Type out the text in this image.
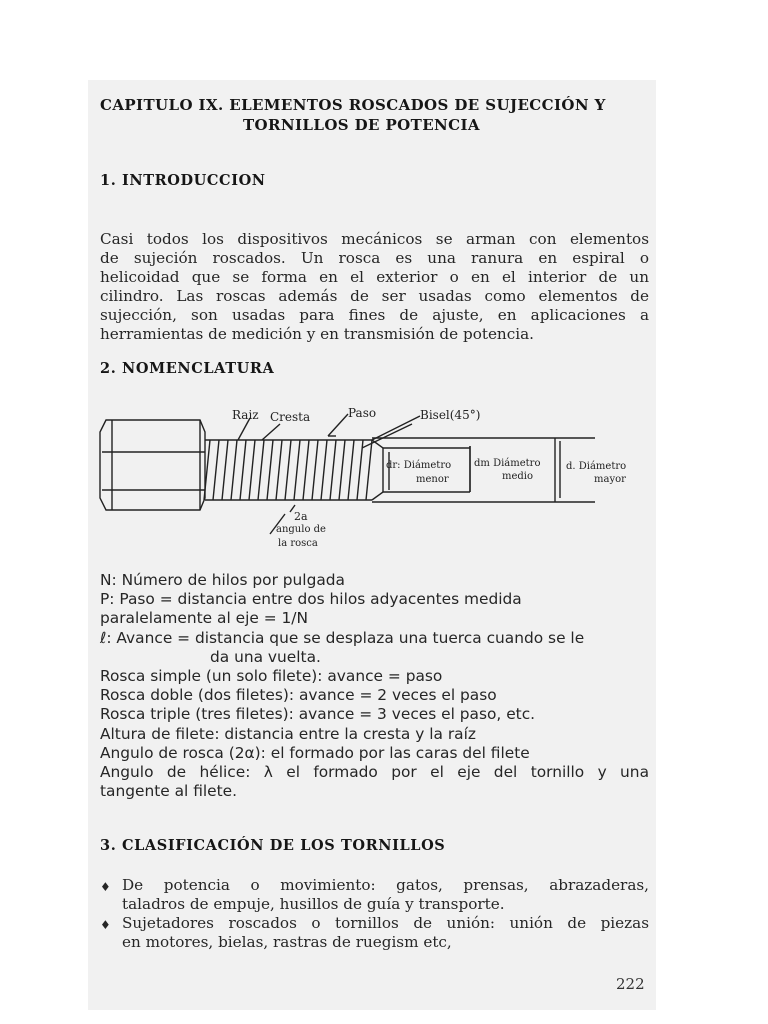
CAPITULO IX. ELEMENTOS ROSCADOS DE SUJECCIÓN Y
TORNILLOS DE POTENCIA
1. INTRODUCCION
Casi todos los dispositivos mecánicos se arman con elementos
de sujeción roscados. Un rosca es una ranura en espiral o
helicoidad que se forma en el exterior o en el interior de un
cilindro. Las roscas además de ser usadas como elementos de
sujección, son usadas para fines de ajuste, en aplicaciones a
herramientas de medición y en transmisión de potencia.
2. NOMENCLATURA
Raiz Cresta	Paso	Bisel(45°)
dr: Diámetro
menor
dm Diámetro
medio
d. Diámetro
mayor
2a
angulo de
la rosca
N: Número de hilos por pulgada
P: Paso = distancia entre dos hilos adyacentes medida
paralelamente al eje = 1/N
ℓ: Avance = distancia que se desplaza una tuerca cuando se le
da una vuelta.
Rosca simple (un solo filete): avance = paso
Rosca doble (dos filetes): avance = 2 veces el paso
Rosca triple (tres filetes): avance = 3 veces el paso, etc.
Altura de filete: distancia entre la cresta y la raíz
Angulo de rosca (2α): el formado por las caras del filete
Angulo de hélice: λ el formado por el eje del tornillo y una
tangente al filete.
3. CLASIFICACIÓN DE LOS TORNILLOS
♦ De potencia o movimiento: gatos, prensas, abrazaderas,
taladros de empuje, husillos de guía y transporte.
♦ Sujetadores roscados o tornillos de unión: unión de piezas
en motores, bielas, rastras de ruegism etc,
222
